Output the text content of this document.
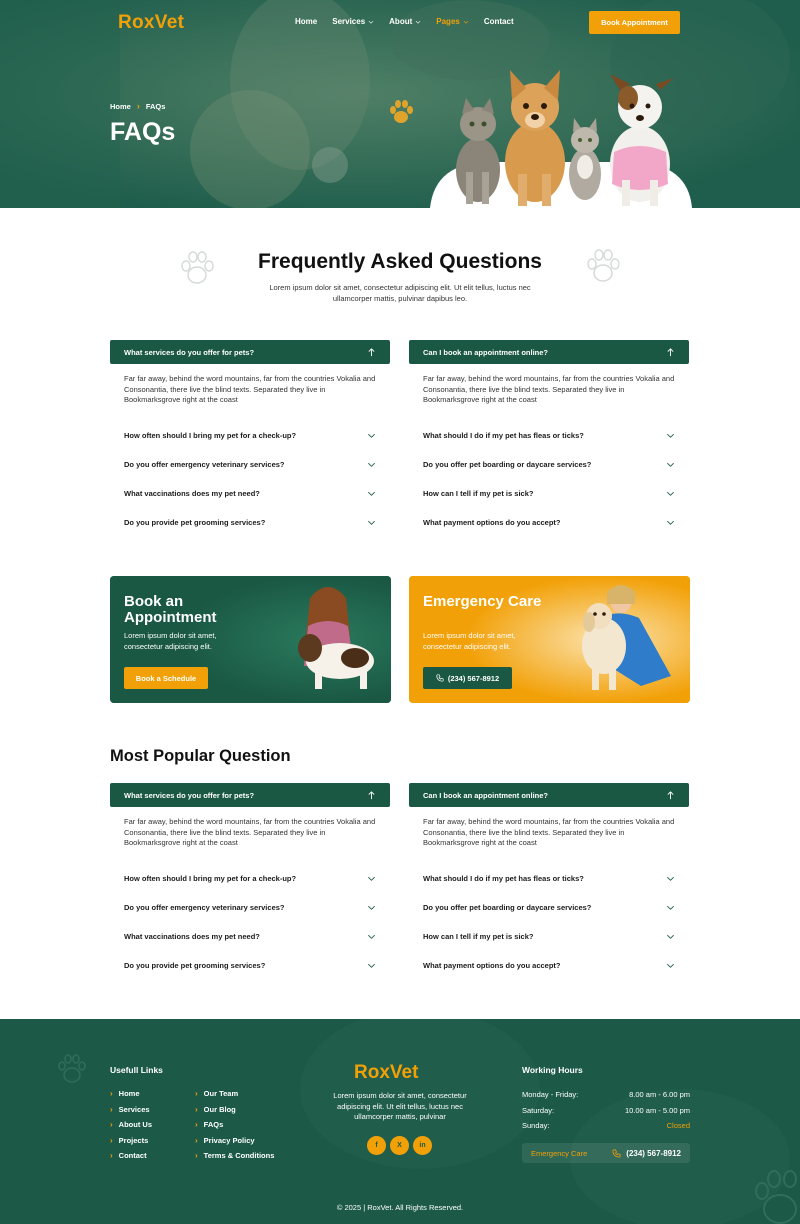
RoxVet	Home Services	About	Pages	Contact	Book Appointment
Home › FAQs
FAQs
Frequently Asked Questions

Lorem ipsum dolor sit amet, consectetur adipiscing elit. Ut elit tellus, luctus nec ullamcorper mattis, pulvinar dapibus leo.

What services do you offer for pets?
Far far away, behind the word mountains, far from the countries Vokalia and Consonantia, there live the blind texts. Separated they live in Bookmarksgrove right at the coast
How often should I bring my pet for a check-up?
Do you offer emergency veterinary services?
What vaccinations does my pet need?
Do you provide pet grooming services?
Can I book an appointment online?
Far far away, behind the word mountains, far from the countries Vokalia and Consonantia, there live the blind texts. Separated they live in Bookmarksgrove right at the coast
What should I do if my pet has fleas or ticks?
Do you offer pet boarding or daycare services?
How can I tell if my pet is sick?
What payment options do you accept?
Book an Appointment
Lorem ipsum dolor sit amet, consectetur adipiscing elit.
Book a Schedule
Emergency Care
Lorem ipsum dolor sit amet, consectetur adipiscing elit.
(234) 567-8912
Most Popular Question
What services do you offer for pets?
Far far away, behind the word mountains, far from the countries Vokalia and Consonantia, there live the blind texts. Separated they live in Bookmarksgrove right at the coast
How often should I bring my pet for a check-up?
Do you offer emergency veterinary services?
What vaccinations does my pet need?
Do you provide pet grooming services?
Can I book an appointment online?
Far far away, behind the word mountains, far from the countries Vokalia and Consonantia, there live the blind texts. Separated they live in Bookmarksgrove right at the coast
What should I do if my pet has fleas or ticks?
Do you offer pet boarding or daycare services?
How can I tell if my pet is sick?
What payment options do you accept?
Usefull Links
› Home
› Services
› About Us
› Projects
› Contact
› Our Team
› Our Blog
› FAQs
› Privacy Policy
› Terms & Conditions
RoxVet

Lorem ipsum dolor sit amet, consectetur adipiscing elit. Ut elit tellus, luctus nec ullamcorper mattis, pulvinar

f	X	in
Working Hours
Monday - Friday:	8.00 am - 6.00 pm
Saturday:	10.00 am - 5.00 pm
Sunday:	Closed
Emergency Care	(234) 567-8912
© 2025 | RoxVet. All Rights Reserved.
